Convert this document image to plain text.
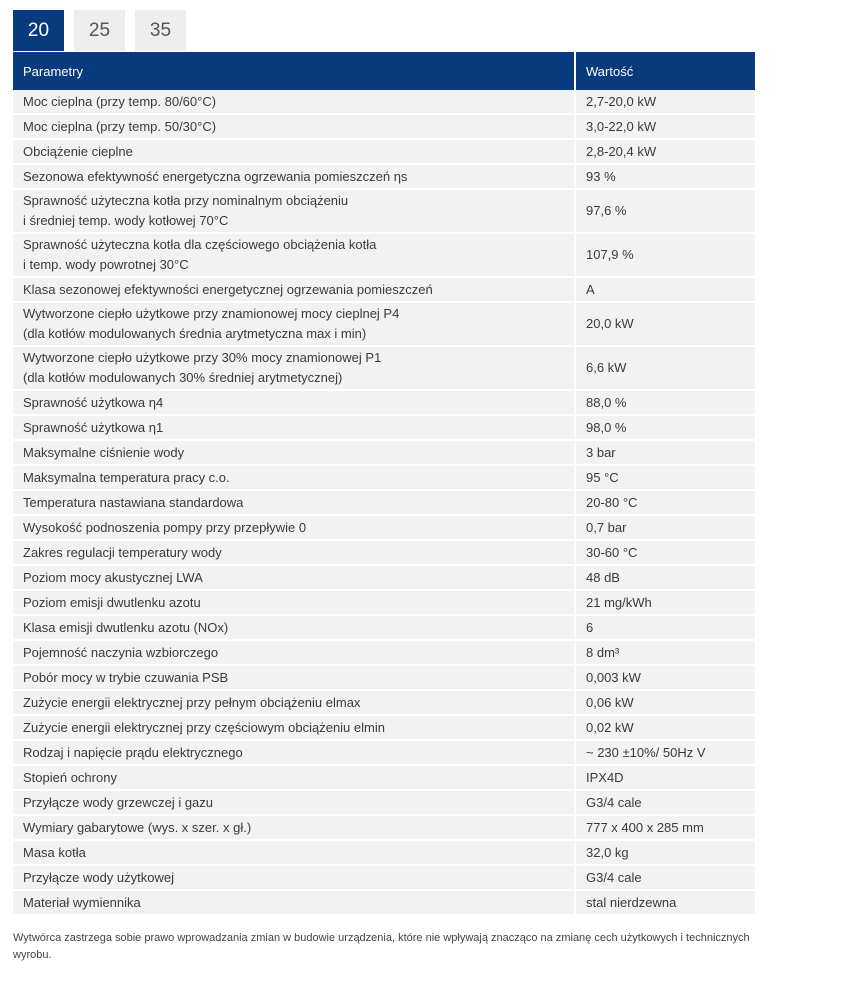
20	25	35
Parametry	Wartość
Moc cieplna (przy temp. 80/60°C)	2,7-20,0 kW
Moc cieplna (przy temp. 50/30°C)	3,0-22,0 kW
Obciążenie cieplne	2,8-20,4 kW
Sezonowa efektywność energetyczna ogrzewania pomieszczeń ηs	93 %
Sprawność użyteczna kotła przy nominalnym obciążeniu
i średniej temp. wody kotłowej 70°C	97,6 %
Sprawność użyteczna kotła dla częściowego obciążenia kotła
i temp. wody powrotnej 30°C	107,9 %
Klasa sezonowej efektywności energetycznej ogrzewania pomieszczeń	A
Wytworzone ciepło użytkowe przy znamionowej mocy cieplnej P4
(dla kotłów modulowanych średnia arytmetyczna max i min)	20,0 kW
Wytworzone ciepło użytkowe przy 30% mocy znamionowej P1
(dla kotłów modulowanych 30% średniej arytmetycznej)	6,6 kW
Sprawność użytkowa η4	88,0 %
Sprawność użytkowa η1	98,0 %
Maksymalne ciśnienie wody	3 bar
Maksymalna temperatura pracy c.o.	95 °C
Temperatura nastawiana standardowa	20-80 °C
Wysokość podnoszenia pompy przy przepływie 0	0,7 bar
Zakres regulacji temperatury wody	30-60 °C
Poziom mocy akustycznej LWA	48 dB
Poziom emisji dwutlenku azotu	21 mg/kWh
Klasa emisji dwutlenku azotu (NOx)	6
Pojemność naczynia wzbiorczego	8 dm³
Pobór mocy w trybie czuwania PSB	0,003 kW
Zużycie energii elektrycznej przy pełnym obciążeniu elmax	0,06 kW
Zużycie energii elektrycznej przy częściowym obciążeniu elmin	0,02 kW
Rodzaj i napięcie prądu elektrycznego	~ 230 ±10%/ 50Hz V
Stopień ochrony	IPX4D
Przyłącze wody grzewczej i gazu	G3/4 cale
Wymiary gabarytowe (wys. x szer. x gł.)	777 x 400 x 285 mm
Masa kotła	32,0 kg
Przyłącze wody użytkowej	G3/4 cale
Materiał wymiennika	stal nierdzewna
Wytwórca zastrzega sobie prawo wprowadzania zmian w budowie urządzenia, które nie wpływają znacząco na zmianę cech użytkowych i technicznych wyrobu.
